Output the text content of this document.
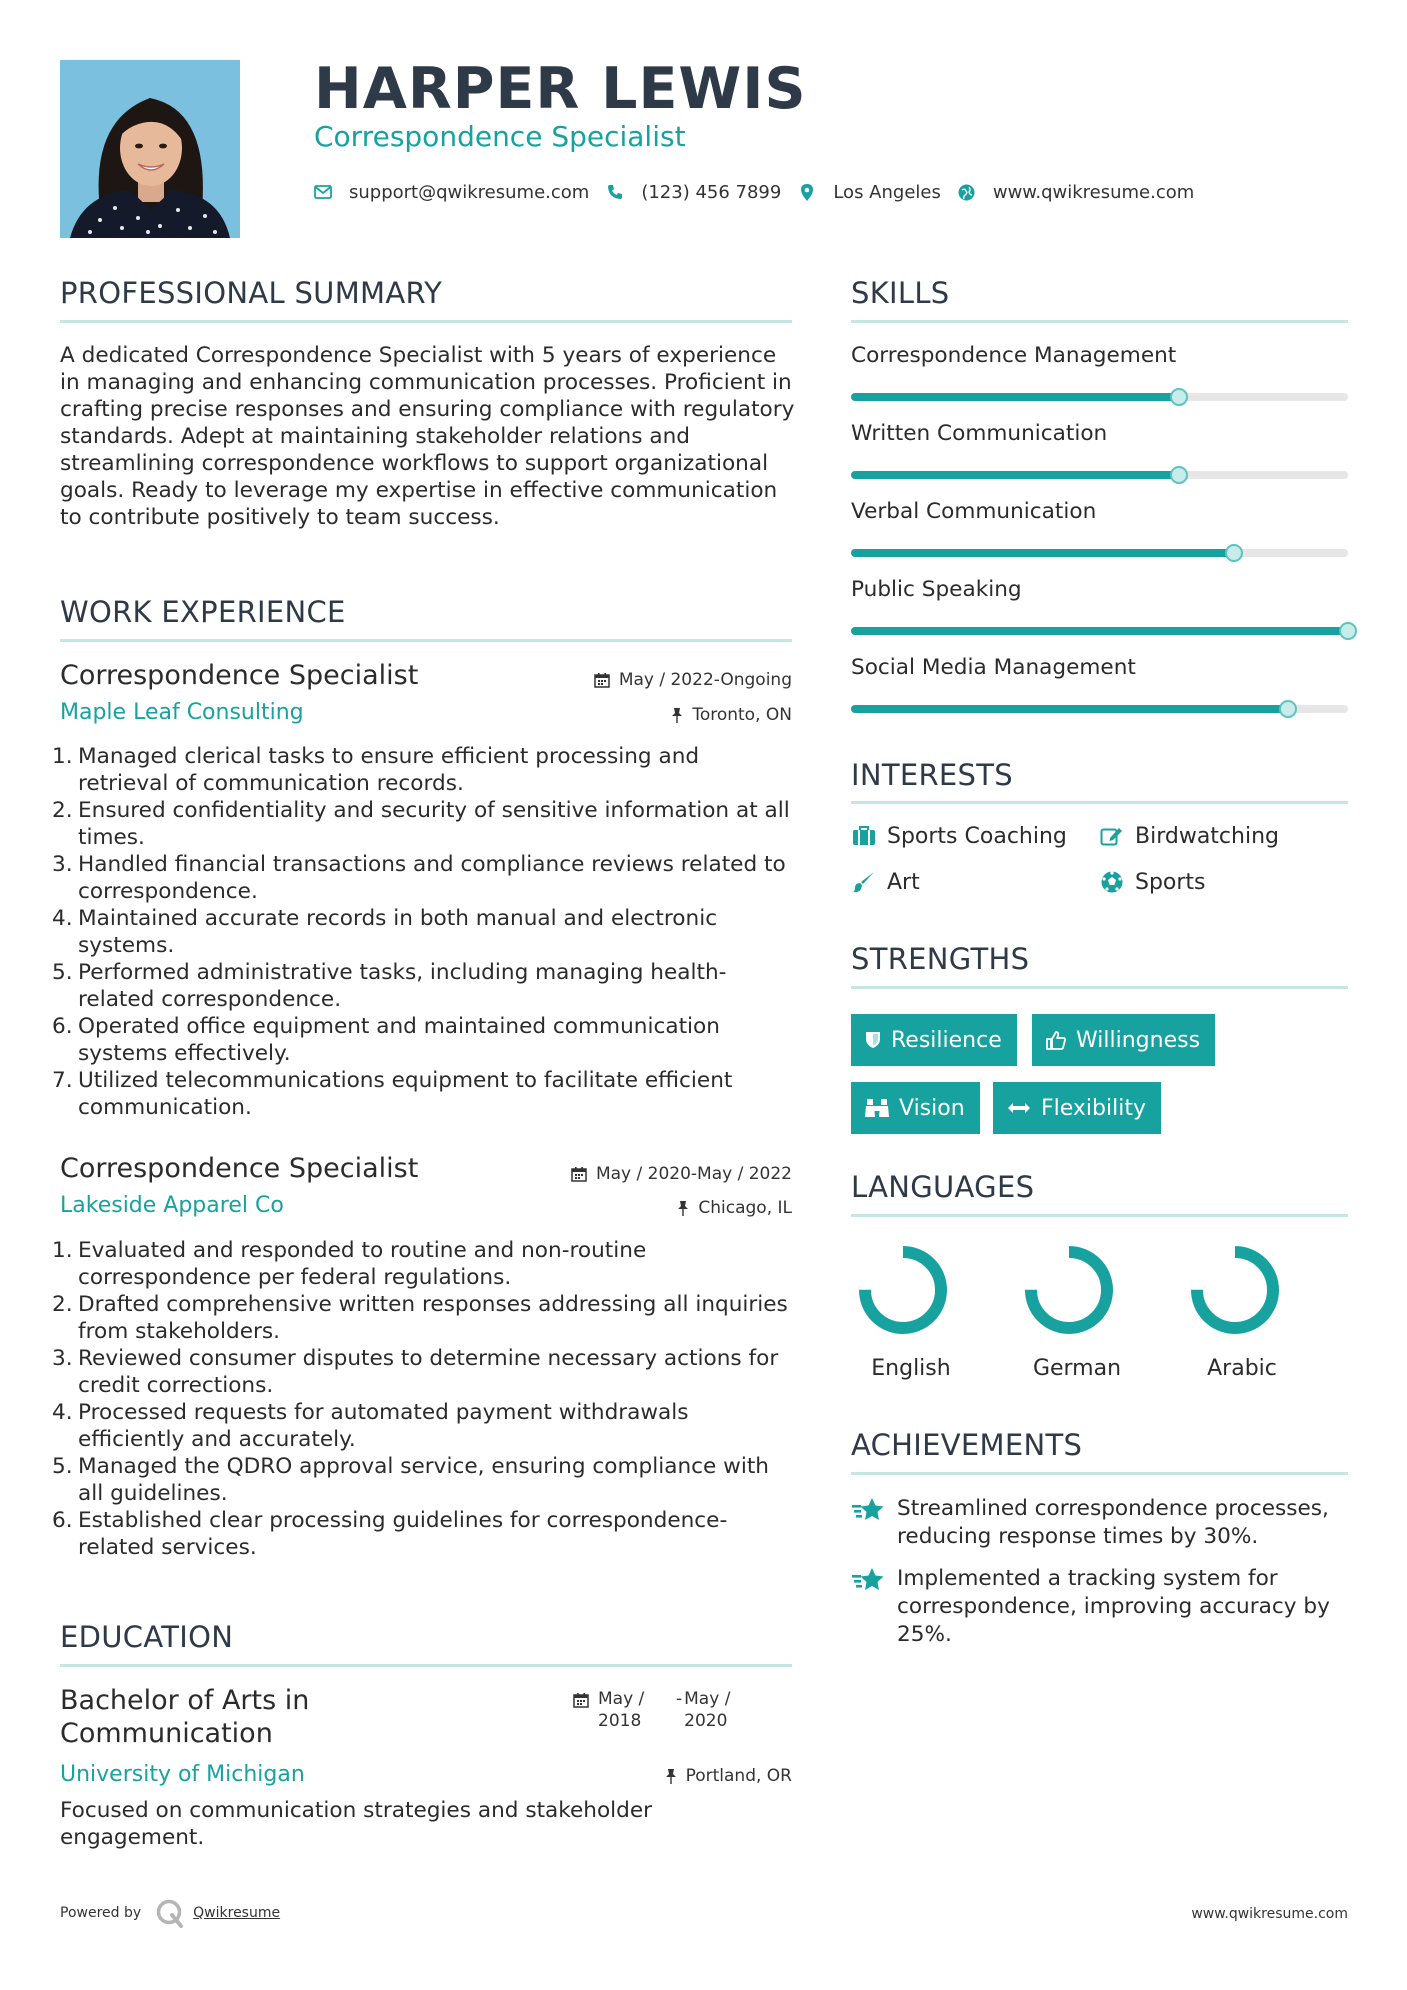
HARPER LEWIS
Correspondence Specialist
support@qwikresume.com	(123) 456 7899	Los Angeles	www.qwikresume.com
PROFESSIONAL SUMMARY
A dedicated Correspondence Specialist with 5 years of experience in managing and enhancing communication processes. Proficient in crafting precise responses and ensuring compliance with regulatory standards. Adept at maintaining stakeholder relations and streamlining correspondence workflows to support organizational goals. Ready to leverage my expertise in effective communication to contribute positively to team success.
WORK EXPERIENCE
Correspondence Specialist	May / 2022-Ongoing
Maple Leaf Consulting	Toronto, ON
1. Managed clerical tasks to ensure efficient processing and retrieval of communication records.
2. Ensured confidentiality and security of sensitive information at all times.
3. Handled financial transactions and compliance reviews related to correspondence.
4. Maintained accurate records in both manual and electronic systems.
5. Performed administrative tasks, including managing health-related correspondence.
6. Operated office equipment and maintained communication systems effectively.
7. Utilized telecommunications equipment to facilitate efficient communication.
Correspondence Specialist	May / 2020-May / 2022
Lakeside Apparel Co	Chicago, IL
1. Evaluated and responded to routine and non-routine correspondence per federal regulations.
2. Drafted comprehensive written responses addressing all inquiries from stakeholders.
3. Reviewed consumer disputes to determine necessary actions for credit corrections.
4. Processed requests for automated payment withdrawals efficiently and accurately.
5. Managed the QDRO approval service, ensuring compliance with all guidelines.
6. Established clear processing guidelines for correspondence-related services.
EDUCATION
Bachelor of Arts in Communication
May / 2018
- May / 2020
University of Michigan	Portland, OR
Focused on communication strategies and stakeholder engagement.
SKILLS
Correspondence Management
Written Communication
Verbal Communication
Public Speaking
Social Media Management
INTERESTS
Sports Coaching	Birdwatching
Art	Sports
STRENGTHS
Resilience	Willingness
Vision	Flexibility
LANGUAGES
English	German	Arabic
ACHIEVEMENTS
Streamlined correspondence processes, reducing response times by 30%.
Implemented a tracking system for correspondence, improving accuracy by 25%.
Powered by	Qwikresume	www.qwikresume.com
